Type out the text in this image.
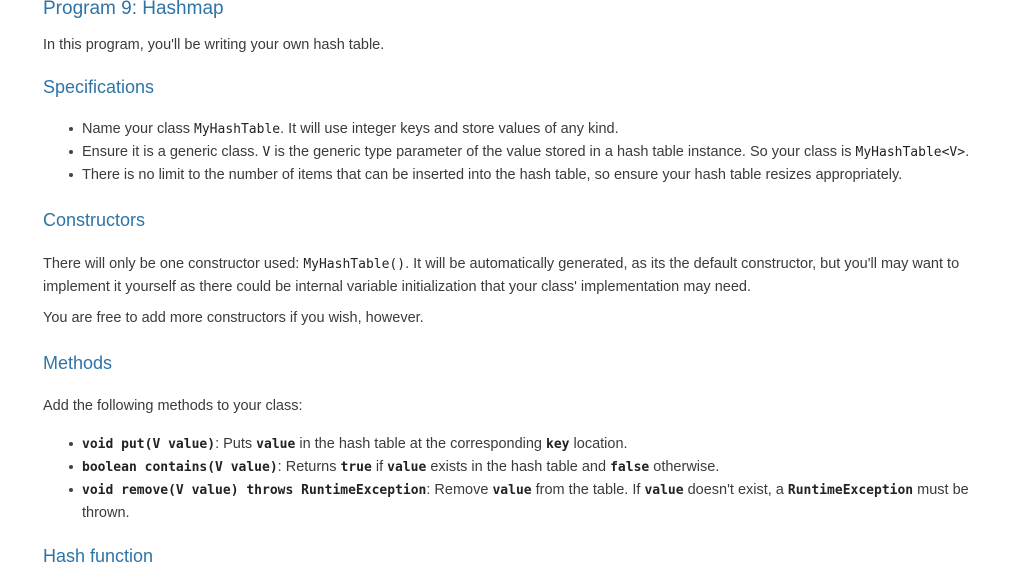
Program 9: Hashmap

In this program, you'll be writing your own hash table.

Specifications
Name your class MyHashTable. It will use integer keys and store values of any kind.
Ensure it is a generic class. V is the generic type parameter of the value stored in a hash table instance. So your class is MyHashTable<V>.
There is no limit to the number of items that can be inserted into the hash table, so ensure your hash table resizes appropriately.
Constructors

There will only be one constructor used: MyHashTable(). It will be automatically generated, as its the default constructor, but you'll may want to implement it yourself as there could be internal variable initialization that your class' implementation may need.

You are free to add more constructors if you wish, however.

Methods

Add the following methods to your class:

void put(V value): Puts value in the hash table at the corresponding key location.
boolean contains(V value): Returns true if value exists in the hash table and false otherwise.
void remove(V value) throws RuntimeException: Remove value from the table. If value doesn't exist, a RuntimeException must be thrown.
Hash function
